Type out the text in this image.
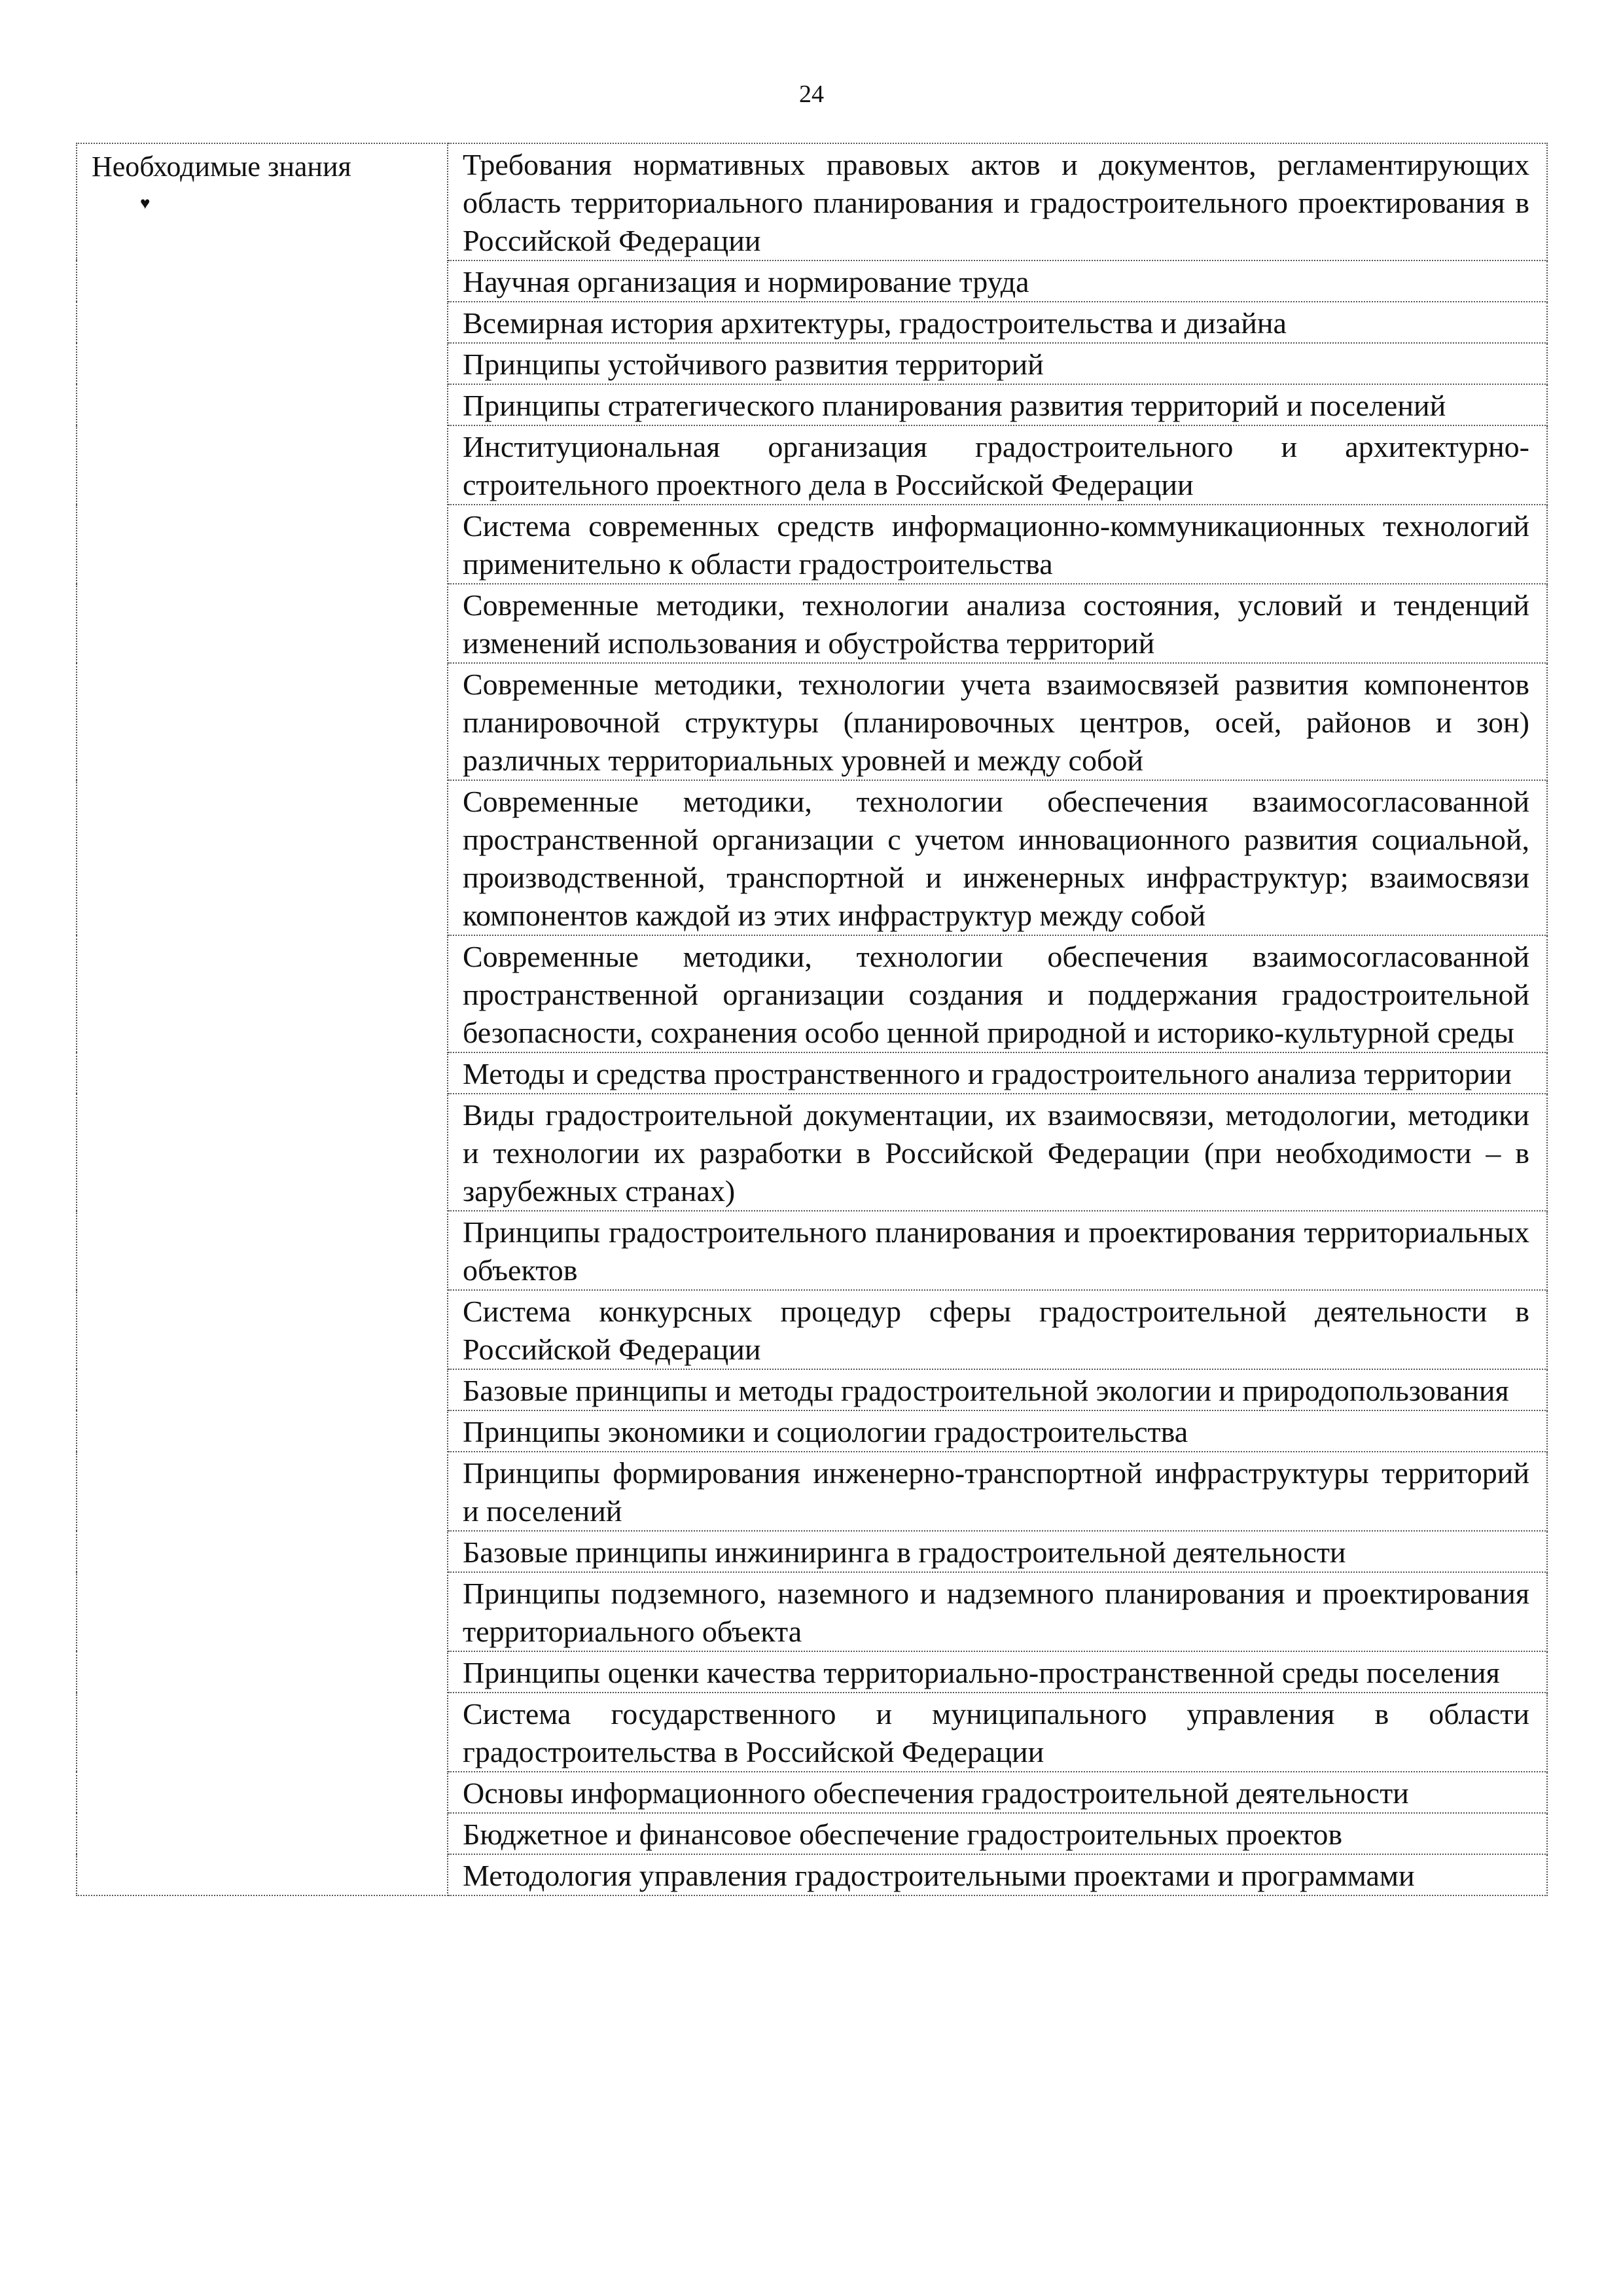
24
Необходимые знания
♥
	Требования нормативных правовых актов и документов, регламентирующих область территориального планирования и градостроительного проектирования в Российской Федерации
Научная организация и нормирование труда
Всемирная история архитектуры, градостроительства и дизайна
Принципы устойчивого развития территорий
Принципы стратегического планирования развития территорий и поселений
Институциональная организация градостроительного и архитектурно-строительного проектного дела в Российской Федерации
Система современных средств информационно-коммуникационных технологий применительно к области градостроительства
Современные методики, технологии анализа состояния, условий и тенденций изменений использования и обустройства территорий
Современные методики, технологии учета взаимосвязей развития компонентов планировочной структуры (планировочных центров, осей, районов и зон) различных территориальных уровней и между собой
Современные методики, технологии обеспечения взаимосогласованной пространственной организации с учетом инновационного развития социальной, производственной, транспортной и инженерных инфраструктур; взаимосвязи компонентов каждой из этих инфраструктур между собой
Современные методики, технологии обеспечения взаимосогласованной пространственной организации создания и поддержания градостроительной безопасности, сохранения особо ценной природной и историко-культурной среды
Методы и средства пространственного и градостроительного анализа территории
Виды градостроительной документации, их взаимосвязи, методологии, методики и технологии их разработки в Российской Федерации (при необходимости – в зарубежных странах)
Принципы градостроительного планирования и проектирования территориальных объектов
Система конкурсных процедур сферы градостроительной деятельности в Российской Федерации
Базовые принципы и методы градостроительной экологии и природопользования
Принципы экономики и социологии градостроительства
Принципы формирования инженерно-транспортной инфраструктуры территорий и поселений
Базовые принципы инжиниринга в градостроительной деятельности
Принципы подземного, наземного и надземного планирования и проектирования территориального объекта
Принципы оценки качества территориально-пространственной среды поселения
Система государственного и муниципального управления в области градостроительства в Российской Федерации
Основы информационного обеспечения градостроительной деятельности
Бюджетное и финансовое обеспечение градостроительных проектов
Методология управления градостроительными проектами и программами
